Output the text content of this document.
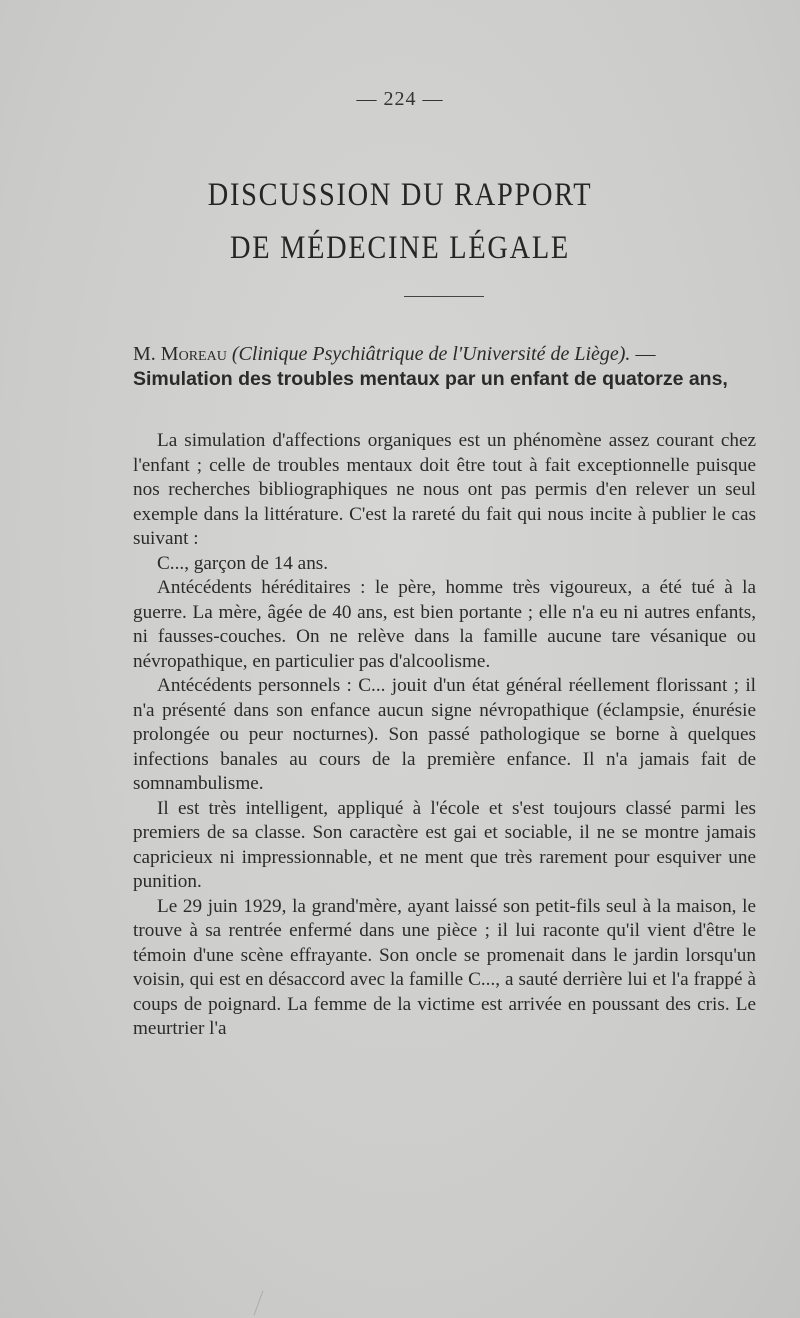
— 224 —
DISCUSSION DU RAPPORT
DE MÉDECINE LÉGALE

M. Moreau (Clinique Psychiâtrique de l'Université de Liège). —
Simulation des troubles mentaux par un enfant de quatorze ans,

La simulation d'affections organiques est un phénomène assez courant chez l'enfant ; celle de troubles mentaux doit être tout à fait exceptionnelle puisque nos recherches bibliographiques ne nous ont pas permis d'en relever un seul exemple dans la littérature. C'est la rareté du fait qui nous incite à publier le cas suivant :

C..., garçon de 14 ans.

Antécédents héréditaires : le père, homme très vigoureux, a été tué à la guerre. La mère, âgée de 40 ans, est bien portante ; elle n'a eu ni autres enfants, ni fausses-couches. On ne relève dans la famille aucune tare vésanique ou névropathique, en particulier pas d'alcoolisme.

Antécédents personnels : C... jouit d'un état général réellement florissant ; il n'a présenté dans son enfance aucun signe névropathique (éclampsie, énurésie prolongée ou peur nocturnes). Son passé pathologique se borne à quelques infections banales au cours de la première enfance. Il n'a jamais fait de somnambulisme.

Il est très intelligent, appliqué à l'école et s'est toujours classé parmi les premiers de sa classe. Son caractère est gai et sociable, il ne se montre jamais capricieux ni impressionnable, et ne ment que très rarement pour esquiver une punition.

Le 29 juin 1929, la grand'mère, ayant laissé son petit-fils seul à la maison, le trouve à sa rentrée enfermé dans une pièce ; il lui raconte qu'il vient d'être le témoin d'une scène effrayante. Son oncle se promenait dans le jardin lorsqu'un voisin, qui est en désaccord avec la famille C..., a sauté derrière lui et l'a frappé à coups de poignard. La femme de la victime est arrivée en poussant des cris. Le meurtrier l'a
